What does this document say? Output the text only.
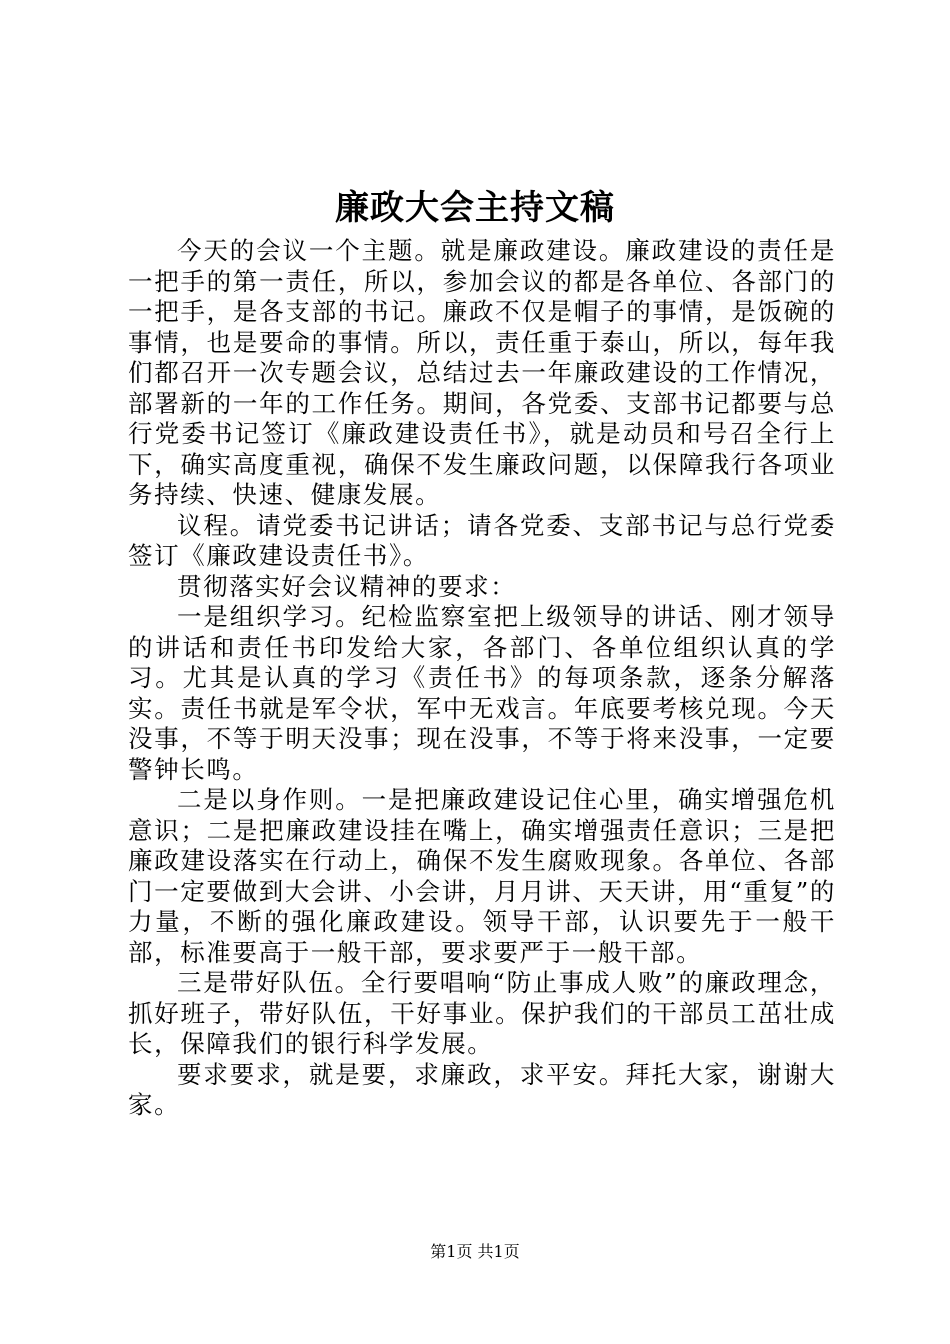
廉政大会主持文稿

今天的会议一个主题。就是廉政建设。廉政建设的责任是一把手的第一责任，所以，参加会议的都是各单位、各部门的一把手，是各支部的书记。廉政不仅是帽子的事情，是饭碗的事情，也是要命的事情。所以，责任重于泰山，所以，每年我们都召开一次专题会议，总结过去一年廉政建设的工作情况，部署新的一年的工作任务。期间，各党委、支部书记都要与总行党委书记签订《廉政建设责任书》，就是动员和号召全行上下，确实高度重视，确保不发生廉政问题，以保障我行各项业务持续、快速、健康发展。

议程。请党委书记讲话；请各党委、支部书记与总行党委签订《廉政建设责任书》。

贯彻落实好会议精神的要求：

一是组织学习。纪检监察室把上级领导的讲话、刚才领导的讲话和责任书印发给大家，各部门、各单位组织认真的学习。尤其是认真的学习《责任书》的每项条款，逐条分解落实。责任书就是军令状，军中无戏言。年底要考核兑现。今天没事，不等于明天没事；现在没事，不等于将来没事，一定要警钟长鸣。

二是以身作则。一是把廉政建设记住心里，确实增强危机意识；二是把廉政建设挂在嘴上，确实增强责任意识；三是把廉政建设落实在行动上，确保不发生腐败现象。各单位、各部门一定要做到大会讲、小会讲，月月讲、天天讲，用“重复”的力量，不断的强化廉政建设。领导干部，认识要先于一般干部，标准要高于一般干部，要求要严于一般干部。

三是带好队伍。全行要唱响“防止事成人败”的廉政理念，抓好班子，带好队伍，干好事业。保护我们的干部员工茁壮成长，保障我们的银行科学发展。

要求要求，就是要，求廉政，求平安。拜托大家，谢谢大家。

第1页 共1页
